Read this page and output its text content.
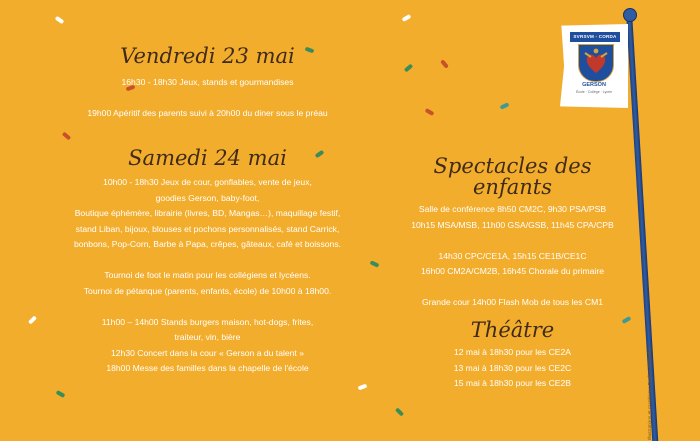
SVRSVM - CORDA
GERSON
École · Collège · Lycée
Vendredi 23 mai
16h30 - 18h30 Jeux, stands et gourmandises
19h00 Apéritif des parents suivi à 20h00 du diner sous le préau
Samedi 24 mai
10h00 - 18h30 Jeux de cour, gonflables, vente de jeux,
goodies Gerson, baby-foot,
Boutique éphémère, librairie (livres, BD, Mangas…), maquillage festif,
stand Liban, bijoux, blouses et pochons personnalisés, stand Carrick,
bonbons, Pop-Corn, Barbe à Papa, crêpes, gâteaux, café et boissons.
Tournoi de foot le matin pour les collégiens et lycéens.
Tournoi de pétanque (parents, enfants, école) de 10h00 à 18h00.
11h00 – 14h00 Stands burgers maison, hot-dogs, frites,
traiteur, vin, bière
12h30 Concert dans la cour « Gerson a du talent »
18h00 Messe des familles dans la chapelle de l'école
Spectacles des enfants
Salle de conférence 8h50 CM2C, 9h30 PSA/PSB
10h15 MSA/MSB, 11h00 GSA/GSB, 11h45 CPA/CPB
14h30 CPC/CE1A, 15h15 CE1B/CE1C
16h00 CM2A/CM2B, 16h45 Chorale du primaire
Grande cour 14h00 Flash Mob de tous les CM1
Théâtre
12 mai à 18h30 pour les CE2A
13 mai à 18h30 pour les CE2C
15 mai à 18h30 pour les CE2B	Illustrations et graphisme Pauline d'Ornellas
